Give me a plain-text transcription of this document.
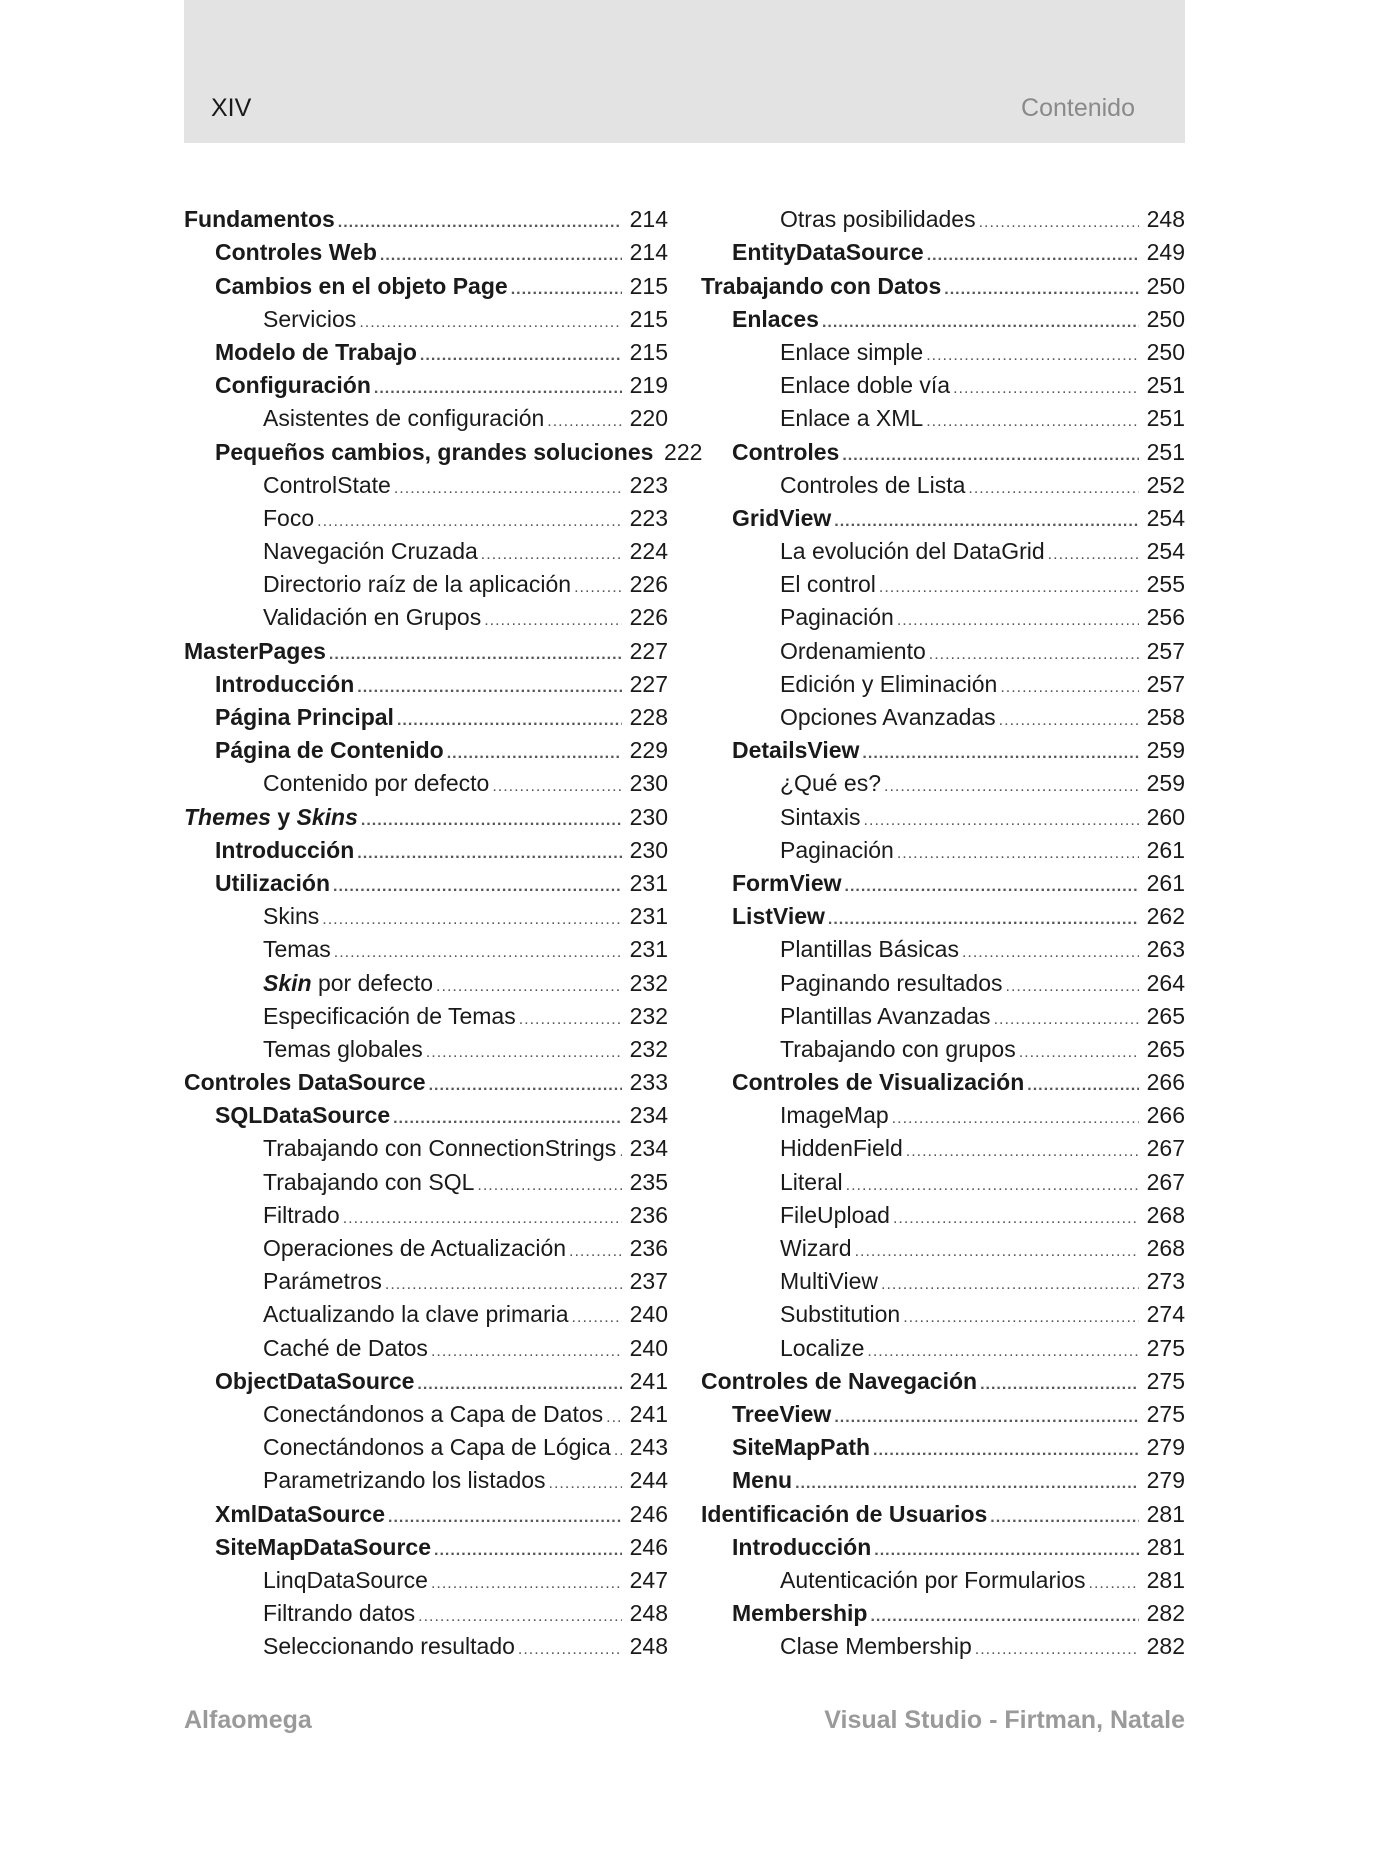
XIV	Contenido
Fundamentos .....	214
Controles Web .....	214
Cambios en el objeto Page .....	215
Servicios .....	215
Modelo de Trabajo .....	215
Configuración .....	219
Asistentes de configuración .....	220
Pequeños cambios, grandes soluciones 222
ControlState .....	223
Foco .....	223
Navegación Cruzada .....	224
Directorio raíz de la aplicación .....	226
Validación en Grupos .....	226
MasterPages .....	227
Introducción .....	227
Página Principal .....	228
Página de Contenido .....	229
Contenido por defecto .....	230
Themes y Skins .....	230
Introducción .....	230
Utilización .....	231
Skins .....	231
Temas .....	231
Skin por defecto .....	232
Especificación de Temas .....	232
Temas globales .....	232
Controles DataSource .....	233
SQLDataSource .....	234
Trabajando con ConnectionStrings ..... 234
Trabajando con SQL .....	235
Filtrado .....	236
Operaciones de Actualización .....	236
Parámetros .....	237
Actualizando la clave primaria .....	240
Caché de Datos .....	240
ObjectDataSource .....	241
Conectándonos a Capa de Datos ..... 241
Conectándonos a Capa de Lógica ..... 243
Parametrizando los listados .....	244
XmlDataSource .....	246
SiteMapDataSource .....	246
LinqDataSource .....	247
Filtrando datos .....	248
Seleccionando resultado .....	248
Otras posibilidades .....	248
EntityDataSource .....	249
Trabajando con Datos .....	250
Enlaces .....	250
Enlace simple .....	250
Enlace doble vía .....	251
Enlace a XML .....	251
Controles .....	251
Controles de Lista .....	252
GridView .....	254
La evolución del DataGrid .....	254
El control .....	255
Paginación .....	256
Ordenamiento .....	257
Edición y Eliminación .....	257
Opciones Avanzadas .....	258
DetailsView .....	259
¿Qué es? .....	259
Sintaxis .....	260
Paginación .....	261
FormView .....	261
ListView .....	262
Plantillas Básicas .....	263
Paginando resultados .....	264
Plantillas Avanzadas .....	265
Trabajando con grupos .....	265
Controles de Visualización .....	266
ImageMap .....	266
HiddenField .....	267
Literal .....	267
FileUpload .....	268
Wizard .....	268
MultiView .....	273
Substitution .....	274
Localize .....	275
Controles de Navegación .....	275
TreeView .....	275
SiteMapPath .....	279
Menu .....	279
Identificación de Usuarios .....	281
Introducción .....	281
Autenticación por Formularios .....	281
Membership .....	282
Clase Membership .....	282
Alfaomega	Visual Studio - Firtman, Natale
